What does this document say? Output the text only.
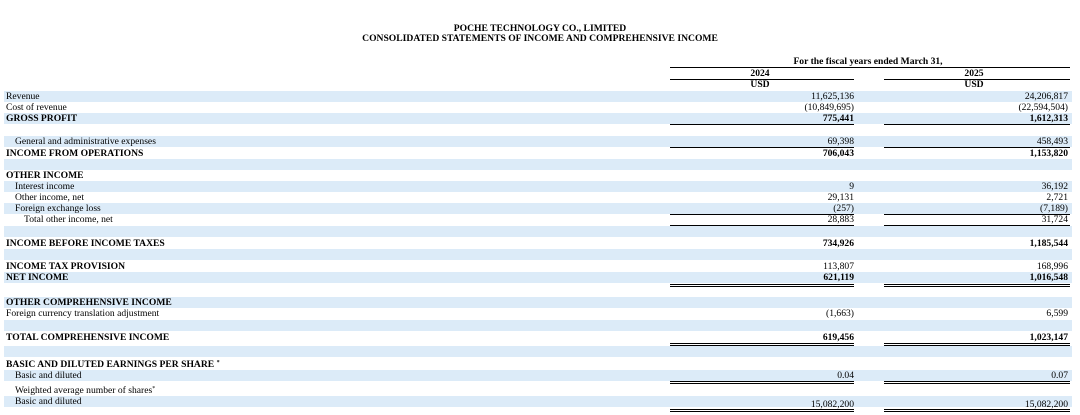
POCHE TECHNOLOGY CO., LIMITED
CONSOLIDATED STATEMENTS OF INCOME AND COMPREHENSIVE INCOME
For the fiscal years ended March 31,
2024	2025
USD	USD
Revenue	11,625,136	24,206,817
Cost of revenue	(10,849,695)	(22,594,504)
GROSS PROFIT	775,441	1,612,313
General and administrative expenses	69,398	458,493
INCOME FROM OPERATIONS	706,043	1,153,820
OTHER INCOME
Interest income	9	36,192
Other income, net	29,131	2,721
Foreign exchange loss	(257)	(7,189)
Total other income, net	28,883	31,724
INCOME BEFORE INCOME TAXES	734,926	1,185,544
INCOME TAX PROVISION	113,807	168,996
NET INCOME	621,119	1,016,548
OTHER COMPREHENSIVE INCOME
Foreign currency translation adjustment	(1,663)	6,599
TOTAL COMPREHENSIVE INCOME	619,456	1,023,147
BASIC AND DILUTED EARNINGS PER SHARE *
Basic and diluted	0.04	0.07
Weighted average number of shares*
Basic and diluted	15,082,200	15,082,200
